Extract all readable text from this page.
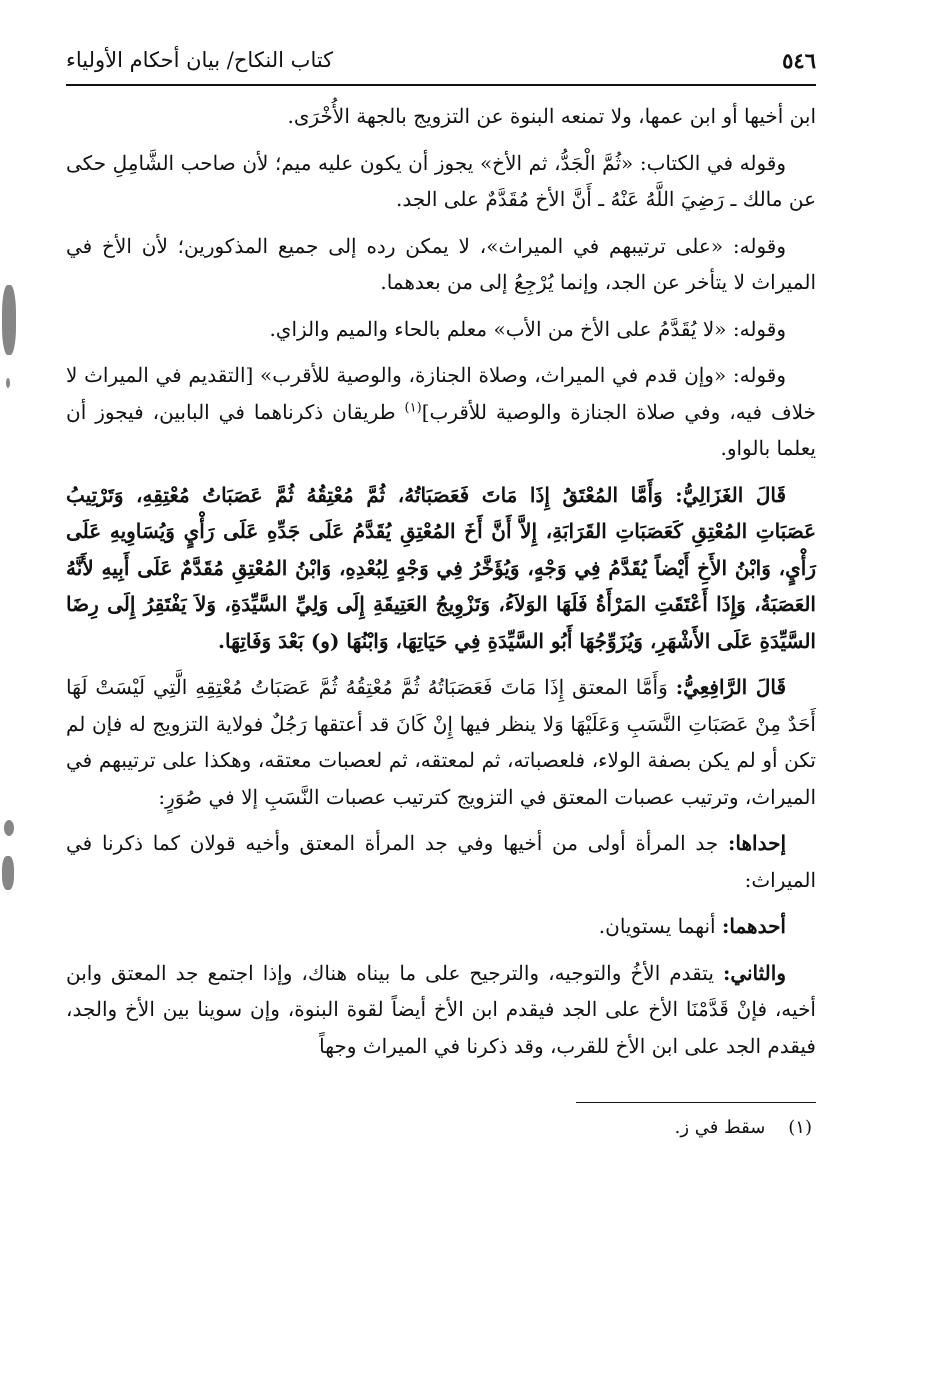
٥٤٦
كتاب النكاح/ بيان أحكام الأولياء

ابن أخيها أو ابن عمها، ولا تمنعه البنوة عن التزويج بالجهة الأُخْرَى.

وقوله في الكتاب: «ثُمَّ الْجَدُّ، ثم الأخ» يجوز أن يكون عليه ميم؛ لأن صاحب الشَّامِلِ حكى عن مالك ـ رَضِيَ اللَّهُ عَنْهُ ـ أَنَّ الأخ مُقَدَّمٌ على الجد.

وقوله: «على ترتيبهم في الميراث»، لا يمكن رده إلى جميع المذكورين؛ لأن الأخ في الميراث لا يتأخر عن الجد، وإنما يُرْجِعُ إلى من بعدهما.

وقوله: «لا يُقَدَّمُ على الأخ من الأب» معلم بالحاء والميم والزاي.

وقوله: «وإن قدم في الميراث، وصلاة الجنازة، والوصية للأقرب» [التقديم في الميراث لا خلاف فيه، وفي صلاة الجنازة والوصية للأقرب]$^{(١)}$ طريقان ذكرناهما في البابين، فيجوز أن يعلما بالواو.

قَالَ الغَزَالِيُّ: وَأَمَّا المُعْتَقُ إِذَا مَاتَ فَعَصَبَاتُهُ، ثُمَّ مُعْتِقُهُ ثُمَّ عَصَبَاتُ مُعْتِقِهِ، وَتَرْتِيبُ عَصَبَاتِ المُعْتِقِ كَعَصَبَاتِ القَرَابَةِ، إِلاَّ أَنَّ أَخَ المُعْتِقِ يُقَدَّمُ عَلَى جَدِّهِ عَلَى رَأْيٍ وَيُسَاوِيهِ عَلَى رَأْيٍ، وَابْنُ الأَخِ أَيْضاً يُقَدَّمُ فِي وَجْهٍ، وَيُؤَخَّرُ فِي وَجْهٍ لِبُعْدِهِ، وَابْنُ المُعْتِقِ مُقَدَّمٌ عَلَى أَبِيهِ لأَنَّهُ العَصَبَةُ، وَإِذَا أَعْتَقَتِ المَرْأَةُ فَلَهَا الوَلاَءُ، وَتَزْوِيجُ العَتِيقَةِ إِلَى وَلِيِّ السَّيِّدَةِ، وَلاَ يَفْتَقِرُ إِلَى رِضَا السَّيِّدَةِ عَلَى الأَشْهَرِ، وَيُزَوِّجُهَا أَبُو السَّيِّدَةِ فِي حَيَاتِهَا، وَابْنُهَا (و) بَعْدَ وَفَاتِهَا.

قَالَ الرَّافِعِيُّ: وَأَمَّا المعتق إِذَا مَاتَ فَعَصَبَاتُهُ ثُمَّ مُعْتِقُهُ ثُمَّ عَصَبَاتُ مُعْتِقِهِ الَّتِي لَيْسَتْ لَهَا أَحَدٌ مِنْ عَصَبَاتِ النَّسَبِ وَعَلَيْهَا وَلا ينظر فيها إِنْ كَانَ قد أعتقها رَجُلٌ فولاية التزويج له فإن لم تكن أو لم يكن بصفة الولاء، فلعصباته، ثم لمعتقه، ثم لعصبات معتقه، وهكذا على ترتيبهم في الميراث، وترتيب عصبات المعتق في التزويج كترتيب عصبات النَّسَبِ إلا في صُوَرٍ:

إحداها: جد المرأة أولى من أخيها وفي جد المرأة المعتق وأخيه قولان كما ذكرنا في الميراث:

أحدهما: أنهما يستويان.

والثاني: يتقدم الأخُ والتوجيه، والترجيح على ما بيناه هناك، وإذا اجتمع جد المعتق وابن أخيه، فإنْ قَدَّمْنَا الأخ على الجد فيقدم ابن الأخ أيضاً لقوة البنوة، وإن سوينا بين الأخ والجد، فيقدم الجد على ابن الأخ للقرب، وقد ذكرنا في الميراث وجهاً

(١)    سقط في ز.
